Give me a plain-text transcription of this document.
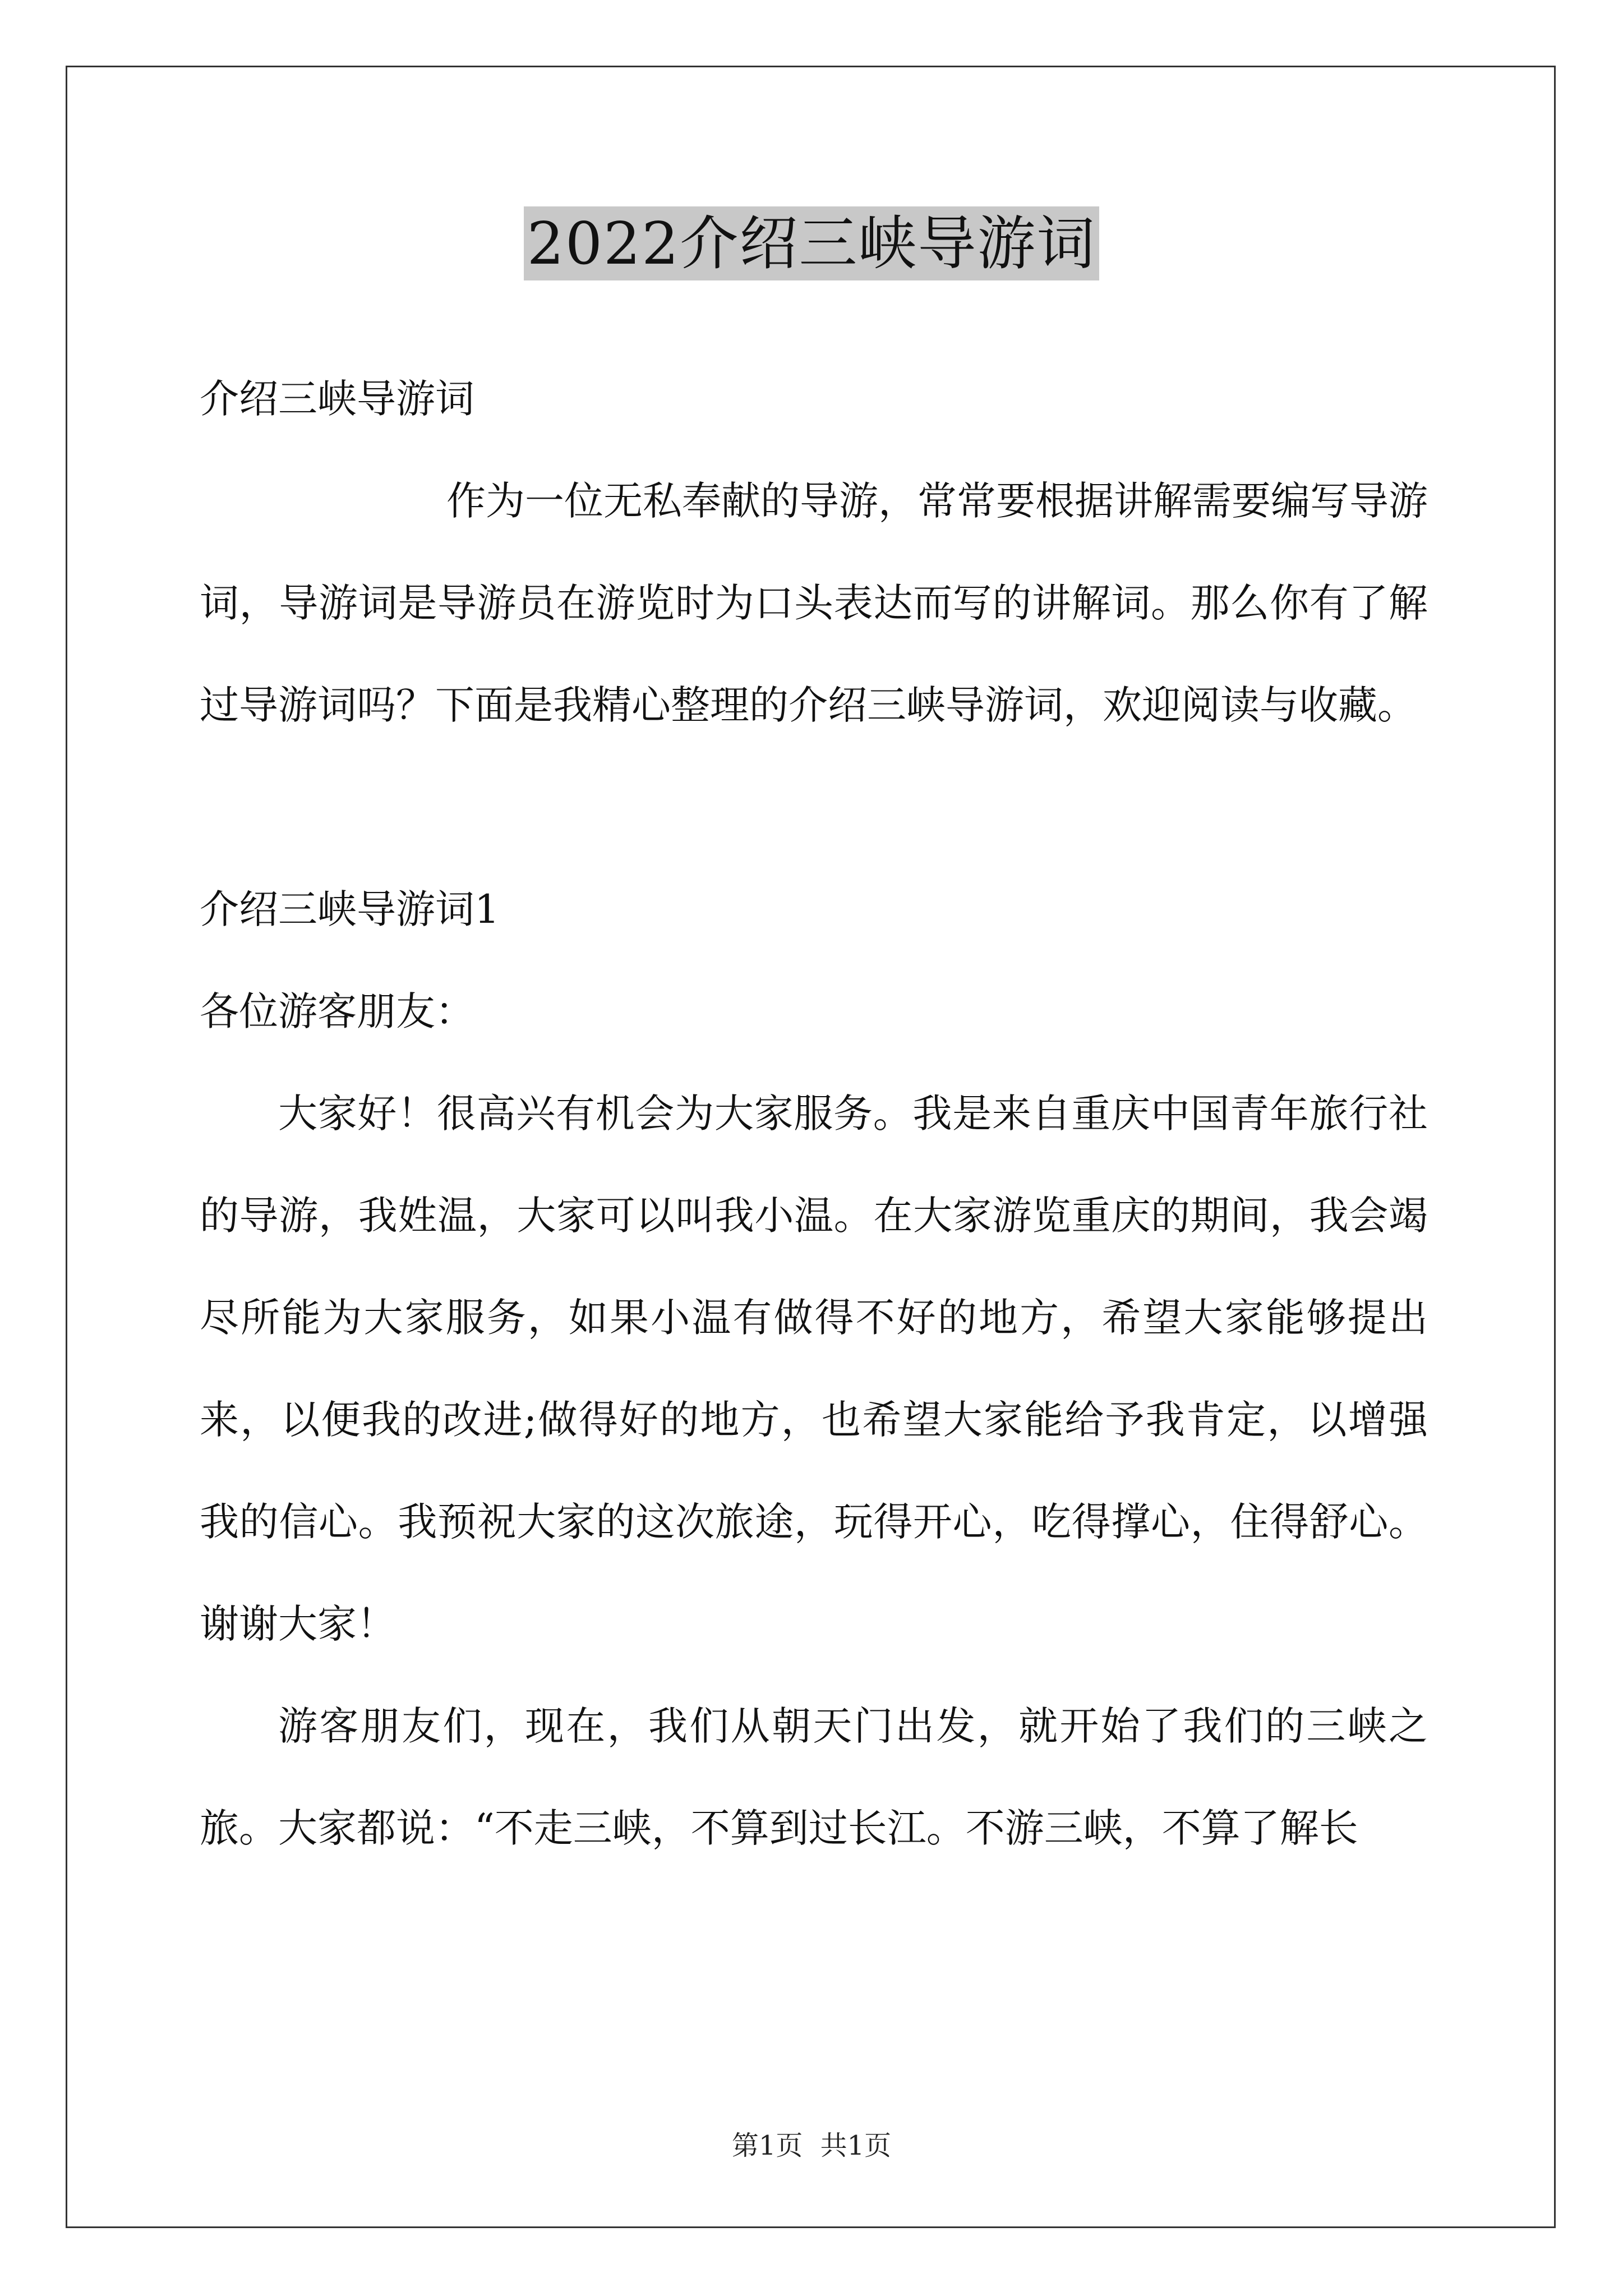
2022介绍三峡导游词

介绍三峡导游词

作为一位无私奉献的导游，常常要根据讲解需要编写导游词，导游词是导游员在游览时为口头表达而写的讲解词。那么你有了解过导游词吗？下面是我精心整理的介绍三峡导游词，欢迎阅读与收藏。

介绍三峡导游词1

各位游客朋友：

大家好！很高兴有机会为大家服务。我是来自重庆中国青年旅行社的导游，我姓温，大家可以叫我小温。在大家游览重庆的期间，我会竭尽所能为大家服务，如果小温有做得不好的地方，希望大家能够提出来，以便我的改进;做得好的地方，也希望大家能给予我肯定，以增强我的信心。我预祝大家的这次旅途，玩得开心，吃得撑心，住得舒心。谢谢大家！

游客朋友们，现在，我们从朝天门出发，就开始了我们的三峡之旅。大家都说：“不走三峡，不算到过长江。不游三峡，不算了解长

第1页 共1页
